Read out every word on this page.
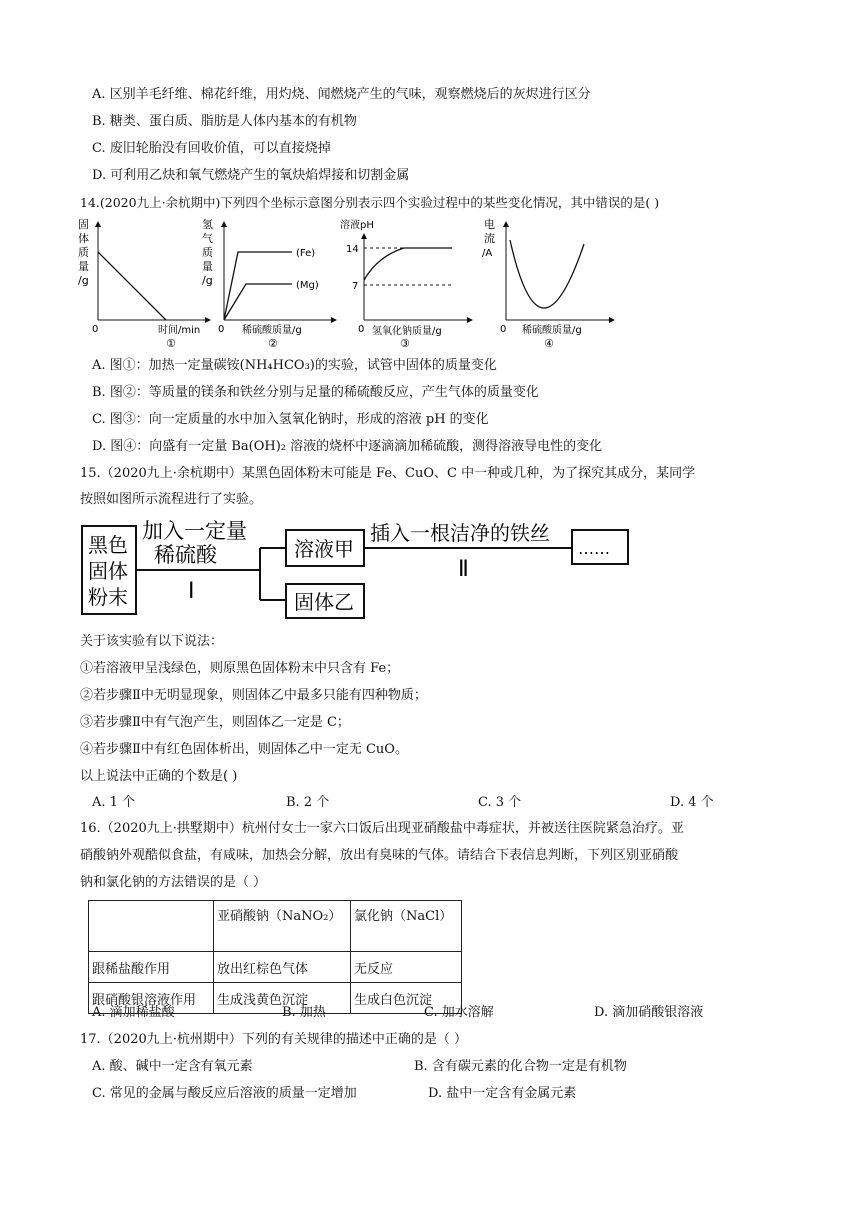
A. 区别羊毛纤维、棉花纤维，用灼烧、闻燃烧产生的气味，观察燃烧后的灰烬进行区分
B. 糖类、蛋白质、脂肪是人体内基本的有机物
C. 废旧轮胎没有回收价值，可以直接烧掉
D. 可利用乙炔和氧气燃烧产生的氧炔焰焊接和切割金属
14.(2020九上·余杭期中)下列四个坐标示意图分别表示四个实验过程中的某些变化情况，其中错误的是( )
固
体
质
量
/g
0	时间/min
①
氢
气
质
量
/g
(Fe)
(Mg)
0 稀硫酸质量/g
②
溶液pH
14
7
0 氢氧化钠质量/g
③
电
流
/A
0 稀硫酸质量/g
④
A. 图①：加热一定量碳铵(NH₄HCO₃)的实验，试管中固体的质量变化
B. 图②：等质量的镁条和铁丝分别与足量的稀硫酸反应，产生气体的质量变化
C. 图③：向一定质量的水中加入氢氧化钠时，形成的溶液 pH 的变化
D. 图④：向盛有一定量 Ba(OH)₂ 溶液的烧杯中逐滴滴加稀硫酸，测得溶液导电性的变化
15.（2020九上·余杭期中）某黑色固体粉末可能是 Fe、CuO、C 中一种或几种，为了探究其成分，某同学
按照如图所示流程进行了实验。
黑色
固体
粉末
加入一定量
稀硫酸
Ⅰ
溶液甲
固体乙
插入一根洁净的铁丝
Ⅱ
……
关于该实验有以下说法：
①若溶液甲呈浅绿色，则原黑色固体粉末中只含有 Fe；
②若步骤Ⅱ中无明显现象，则固体乙中最多只能有四种物质；
③若步骤Ⅱ中有气泡产生，则固体乙一定是 C；
④若步骤Ⅱ中有红色固体析出，则固体乙中一定无 CuO。
以上说法中正确的个数是( )
A. 1 个	B. 2 个	C. 3 个	D. 4 个
16.（2020九上·拱墅期中）杭州付女士一家六口饭后出现亚硝酸盐中毒症状，并被送往医院紧急治疗。亚
硝酸钠外观酷似食盐，有咸味，加热会分解，放出有臭味的气体。请结合下表信息判断，下列区别亚硝酸
钠和氯化钠的方法错误的是（ ）
	亚硝酸钠（NaNO₂）	氯化钠（NaCl）
跟稀盐酸作用	放出红棕色气体	无反应
跟硝酸银溶液作用	生成浅黄色沉淀	生成白色沉淀
A. 滴加稀盐酸	B. 加热	C. 加水溶解	D. 滴加硝酸银溶液
17.（2020九上·杭州期中）下列的有关规律的描述中正确的是（ ）
A. 酸、碱中一定含有氧元素	B. 含有碳元素的化合物一定是有机物
C. 常见的金属与酸反应后溶液的质量一定增加	D. 盐中一定含有金属元素
